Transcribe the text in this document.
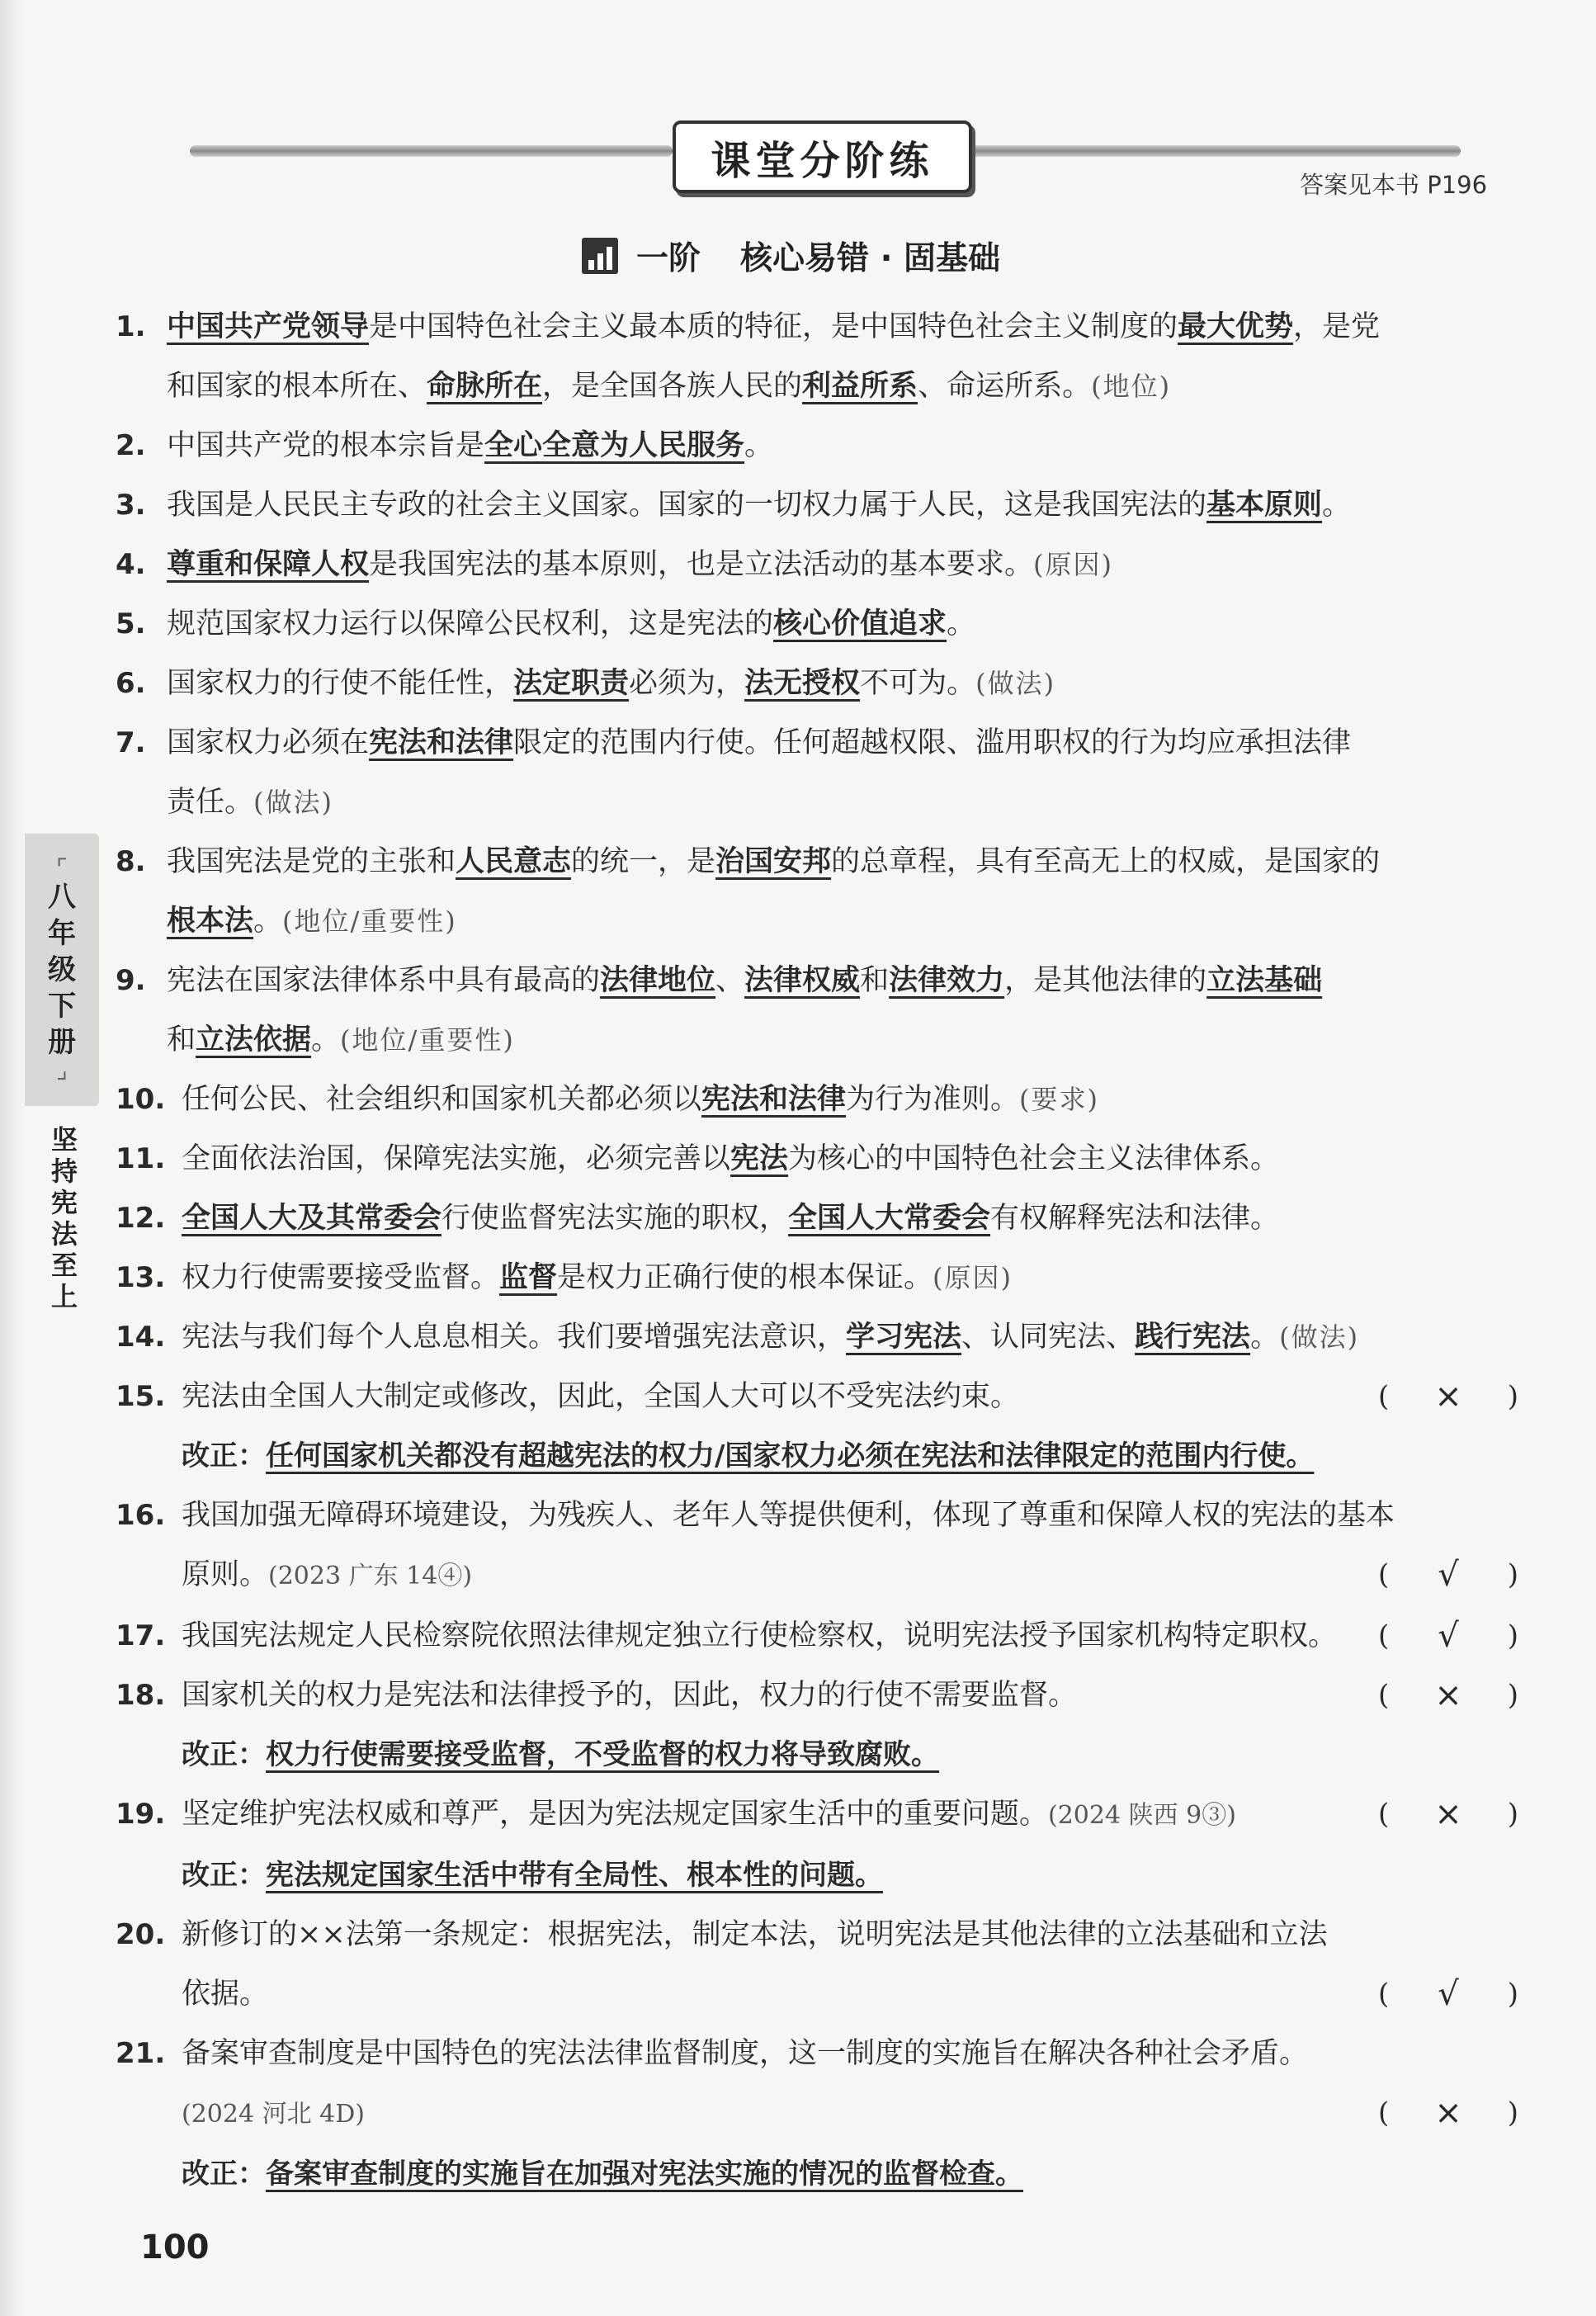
课堂分阶练
答案见本书 P196
一阶 核心易错 · 固基础
⌜
八
年
级
下
册
⌟
坚
持
宪
法
至
上
1. 中国共产党领导是中国特色社会主义最本质的特征，是中国特色社会主义制度的最大优势，是党
和国家的根本所在、命脉所在，是全国各族人民的利益所系、命运所系。(地位)
2. 中国共产党的根本宗旨是全心全意为人民服务。
3. 我国是人民民主专政的社会主义国家。国家的一切权力属于人民，这是我国宪法的基本原则。
4. 尊重和保障人权是我国宪法的基本原则，也是立法活动的基本要求。(原因)
5. 规范国家权力运行以保障公民权利，这是宪法的核心价值追求。
6. 国家权力的行使不能任性，法定职责必须为，法无授权不可为。(做法)
7. 国家权力必须在宪法和法律限定的范围内行使。任何超越权限、滥用职权的行为均应承担法律
责任。(做法)
8. 我国宪法是党的主张和人民意志的统一，是治国安邦的总章程，具有至高无上的权威，是国家的
根本法。(地位/重要性)
9. 宪法在国家法律体系中具有最高的法律地位、法律权威和法律效力，是其他法律的立法基础
和立法依据。(地位/重要性)
10. 任何公民、社会组织和国家机关都必须以宪法和法律为行为准则。(要求)
11. 全面依法治国，保障宪法实施，必须完善以宪法为核心的中国特色社会主义法律体系。
12. 全国人大及其常委会行使监督宪法实施的职权，全国人大常委会有权解释宪法和法律。
13. 权力行使需要接受监督。监督是权力正确行使的根本保证。(原因)
14. 宪法与我们每个人息息相关。我们要增强宪法意识，学习宪法、认同宪法、践行宪法。(做法)
15. 宪法由全国人大制定或修改，因此，全国人大可以不受宪法约束。	( × )
改正：任何国家机关都没有超越宪法的权力/国家权力必须在宪法和法律限定的范围内行使。
16. 我国加强无障碍环境建设，为残疾人、老年人等提供便利，体现了尊重和保障人权的宪法的基本
原则。(2023 广东 14④)	( √ )
17. 我国宪法规定人民检察院依照法律规定独立行使检察权，说明宪法授予国家机构特定职权。	( √ )
18. 国家机关的权力是宪法和法律授予的，因此，权力的行使不需要监督。	( × )
改正：权力行使需要接受监督，不受监督的权力将导致腐败。
19. 坚定维护宪法权威和尊严，是因为宪法规定国家生活中的重要问题。(2024 陕西 9③)	( × )
改正：宪法规定国家生活中带有全局性、根本性的问题。
20. 新修订的××法第一条规定：根据宪法，制定本法，说明宪法是其他法律的立法基础和立法
依据。	( √ )
21. 备案审查制度是中国特色的宪法法律监督制度，这一制度的实施旨在解决各种社会矛盾。
(2024 河北 4D)	( × )
改正：备案审查制度的实施旨在加强对宪法实施的情况的监督检查。
100
